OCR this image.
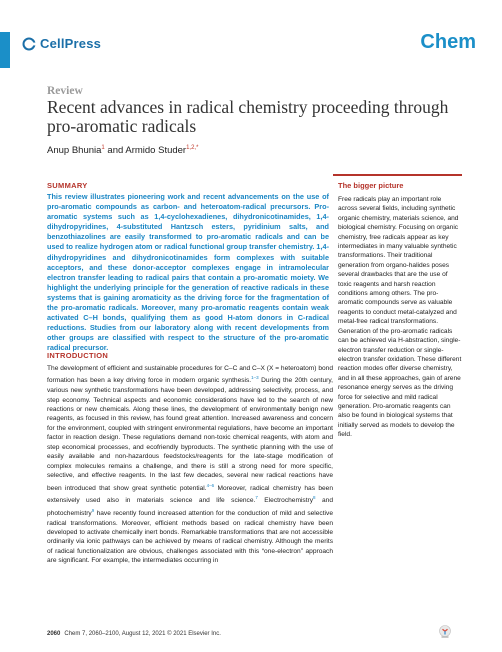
CellPress	Chem
Review
Recent advances in radical chemistry proceeding through pro-aromatic radicals
Anup Bhunia$^1$ and Armido Studer$^{1,2,*}$
SUMMARY
This review illustrates pioneering work and recent advancements on the use of pro-aromatic compounds as carbon- and heteroatom-radical precursors. Pro-aromatic systems such as 1,4-cyclohexadienes, dihydronicotinamides, 1,4-dihydropyridines, 4-substituted Hantzsch esters, pyridinium salts, and benzothiazolines are easily transformed to pro-aromatic radicals and can be used to realize hydrogen atom or radical functional group transfer chemistry. 1,4-dihydropyridines and dihydronicotinamides form complexes with suitable acceptors, and these donor-acceptor complexes engage in intramolecular electron transfer leading to radical pairs that contain a pro-aromatic moiety. We highlight the underlying principle for the generation of reactive radicals in these systems that is gaining aromaticity as the driving force for the fragmentation of the pro-aromatic radicals. Moreover, many pro-aromatic reagents contain weak activated C–H bonds, qualifying them as good H-atom donors in C-radical reductions. Studies from our laboratory along with recent developments from other groups are classified with respect to the structure of the pro-aromatic radical precursor.
INTRODUCTION
The development of efficient and sustainable procedures for C–C and C–X (X = heteroatom) bond formation has been a key driving force in modern organic synthesis.$^{1-3}$ During the 20th century, various new synthetic transformations have been developed, addressing selectivity, process, and step economy. Technical aspects and economic considerations have led to the search of new reactions or new chemicals. Along these lines, the development of environmentally benign new reagents, as focused in this review, has found great attention. Increased awareness and concern for the environment, coupled with stringent environmental regulations, have become an important factor in reaction design. These regulations demand non-toxic chemical reagents, with atom and step economical processes, and ecofriendly byproducts. The synthetic planning with the use of easily available and non-hazardous feedstocks/reagents for the late-stage modification of complex molecules remains a challenge, and there is still a strong need for more specific, selective, and effective reagents. In the last few decades, several new radical reactions have been introduced that show great synthetic potential.$^{4-6}$ Moreover, radical chemistry has been extensively used also in materials science and life science.$^7$ Electrochemistry$^8$ and photochemistry$^9$ have recently found increased attention for the conduction of mild and selective radical transformations. Moreover, efficient methods based on radical chemistry have been developed to activate chemically inert bonds. Remarkable transformations that are not accessible ordinarily via ionic pathways can be achieved by means of radical chemistry. Although the merits of radical functionalization are obvious, challenges associated with this “one-electron” approach are significant. For example, the intermediates occurring in
The bigger picture
Free radicals play an important role across several fields, including synthetic organic chemistry, materials science, and biological chemistry. Focusing on organic chemistry, free radicals appear as key intermediates in many valuable synthetic transformations. Their traditional generation from organo-halides poses several drawbacks that are the use of toxic reagents and harsh reaction conditions among others. The pro-aromatic compounds serve as valuable reagents to conduct metal-catalyzed and metal-free radical transformations. Generation of the pro-aromatic radicals can be achieved via H-abstraction, single-electron transfer reduction or single-electron transfer oxidation. These different reaction modes offer diverse chemistry, and in all these approaches, gain of arene resonance energy serves as the driving force for selective and mild radical generation. Pro-aromatic reagents can also be found in biological systems that initially served as models to develop the field.
2060 Chem 7, 2060–2100, August 12, 2021 © 2021 Elsevier Inc.
